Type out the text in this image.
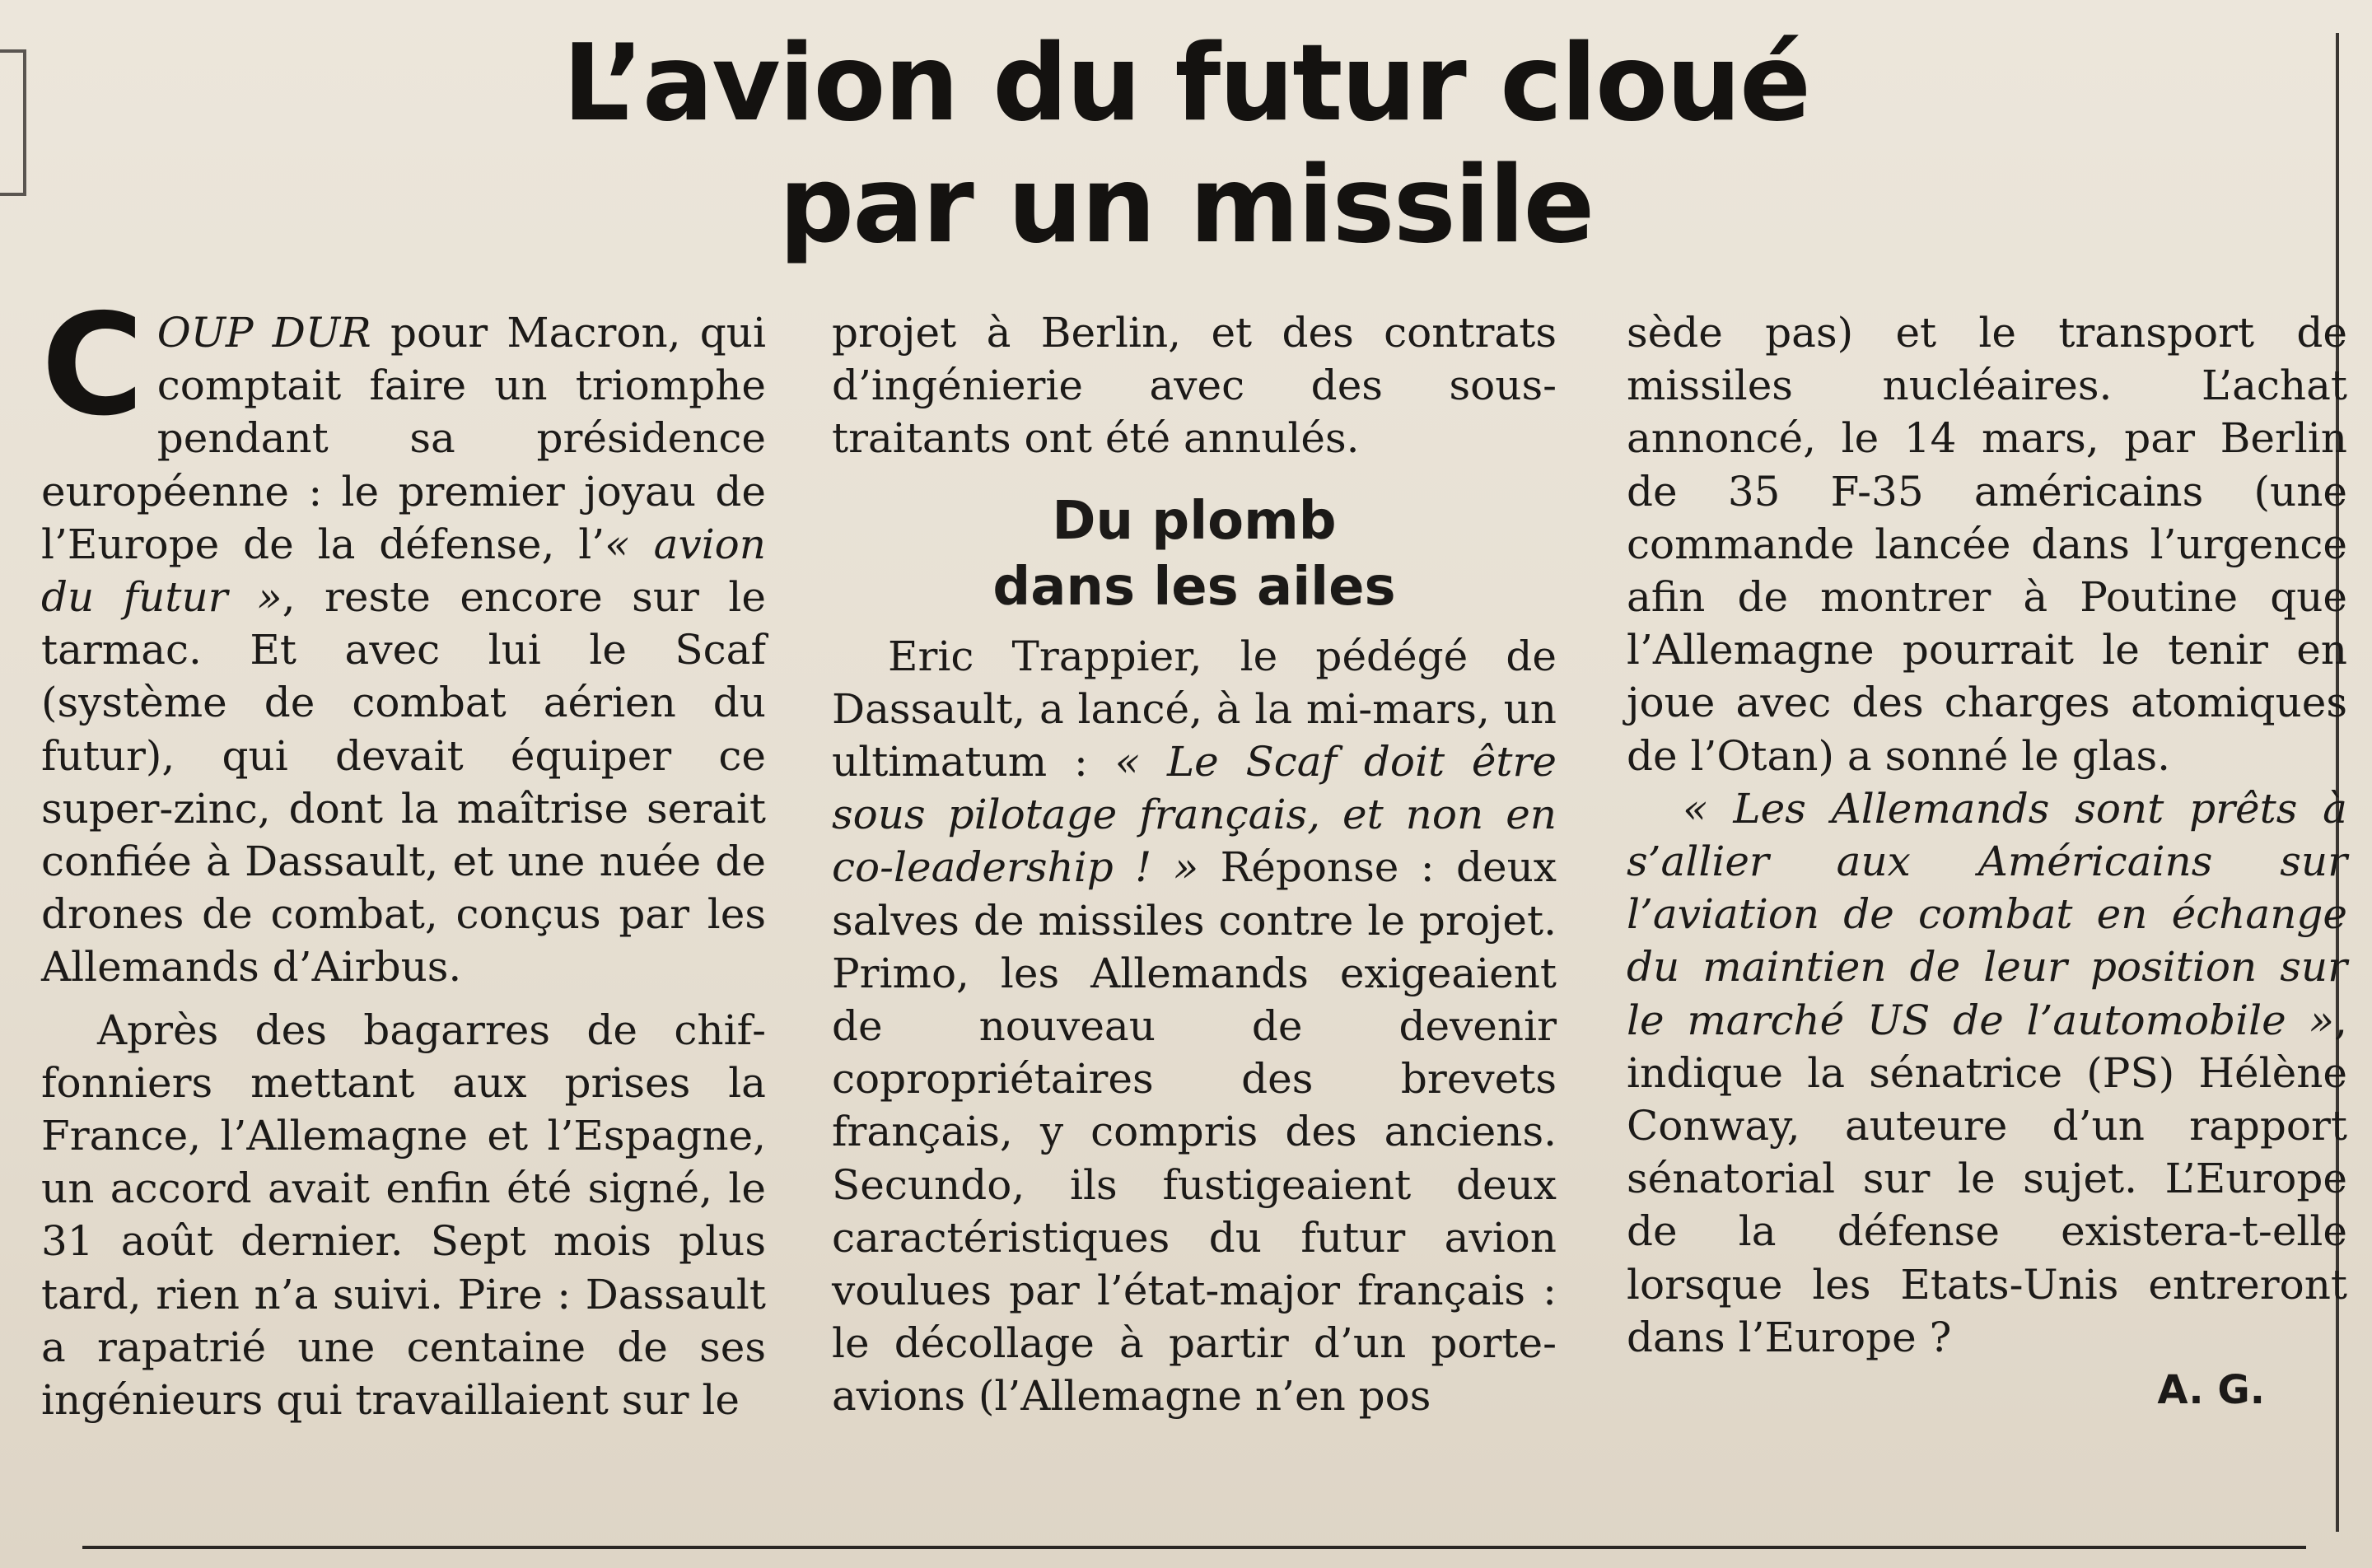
L’avion du futur cloué
par un missile

COUP DUR pour Macron, qui comptait faire un triomphe pendant sa présidence européenne : le premier joyau de l’Europe de la défense, l’« avion du futur », reste encore sur le tarmac. Et avec lui le Scaf (système de combat aérien du futur), qui devait équiper ce super-zinc, dont la maîtrise serait confiée à Dassault, et une nuée de drones de combat, conçus par les Allemands d’Airbus.

Après des bagarres de chiffonniers mettant aux prises la France, l’Allemagne et l’Espagne, un accord avait enfin été signé, le 31 août dernier. Sept mois plus tard, rien n’a suivi. Pire : Dassault a rapatrié une centaine de ses ingénieurs qui travaillaient sur le

projet à Berlin, et des contrats d’ingénierie avec des sous-traitants ont été annulés.

Du plomb
dans les ailes

Eric Trappier, le pédégé de Dassault, a lancé, à la mi-mars, un ultimatum : « Le Scaf doit être sous pilotage français, et non en co-leadership ! » Réponse : deux salves de missiles contre le projet. Primo, les Allemands exigeaient de nouveau de devenir copropriétaires des brevets français, y compris des anciens. Secundo, ils fustigeaient deux caractéristiques du futur avion voulues par l’état-major français : le décollage à partir d’un porte-avions (l’Allemagne n’en pos

sède pas) et le transport de missiles nucléaires. L’achat annoncé, le 14 mars, par Berlin de 35 F-35 américains (une commande lancée dans l’urgence afin de montrer à Poutine que l’Allemagne pourrait le tenir en joue avec des charges atomiques de l’Otan) a sonné le glas.

« Les Allemands sont prêts à s’allier aux Américains sur l’aviation de combat en échange du maintien de leur position sur le marché US de l’automobile », indique la sénatrice (PS) Hélène Conway, auteure d’un rapport sénatorial sur le sujet. L’Europe de la défense existera-t-elle lorsque les Etats-Unis entreront dans l’Europe ?

A. G.
